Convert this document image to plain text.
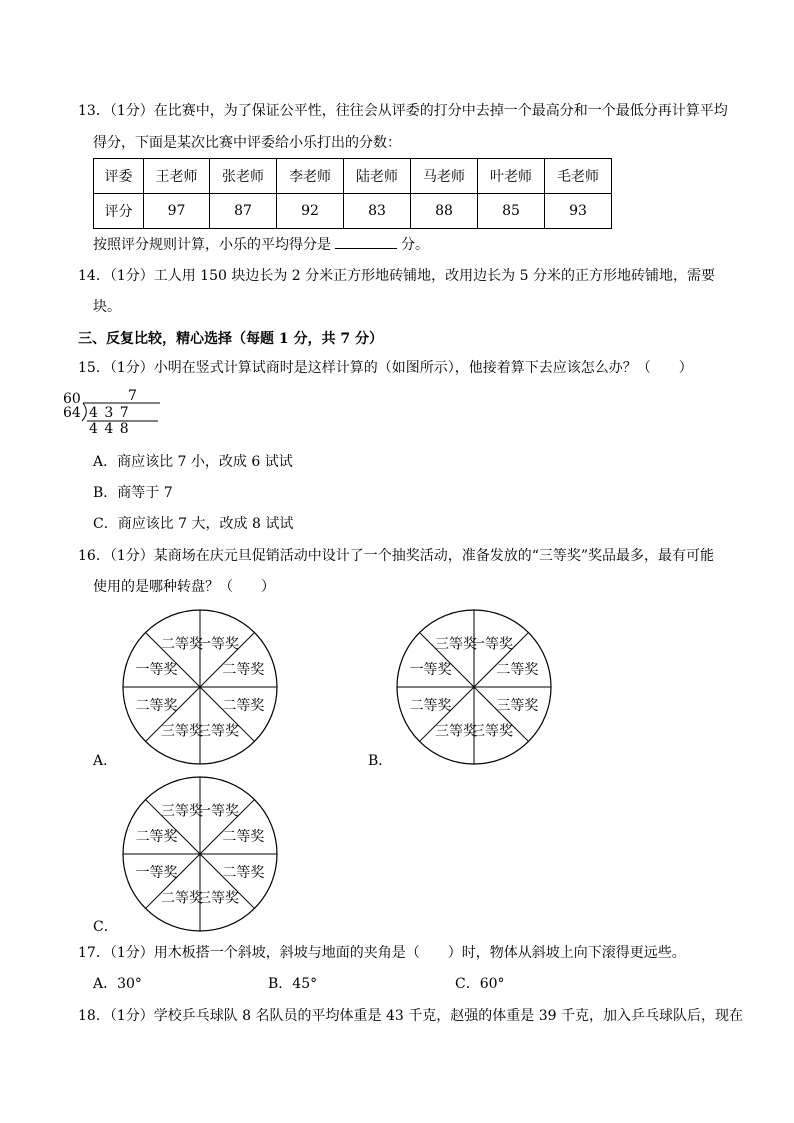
13．（1分）在比赛中，为了保证公平性，往往会从评委的打分中去掉一个最高分和一个最低分再计算平均
得分，下面是某次比赛中评委给小乐打出的分数：
评委	王老师	张老师	李老师	陆老师	马老师	叶老师	毛老师
评分	97	87	92	83	88	85	93
按照评分规则计算，小乐的平均得分是	分。
14．（1分）工人用 150 块边长为 2 分米正方形地砖铺地，改用边长为 5 分米的正方形地砖铺地，需要
块。
三、反复比较，精心选择（每题 1 分，共 7 分）
15．（1分）小明在竖式计算试商时是这样计算的（如图所示），他接着算下去应该怎么办？（　　）
60	7
64 4 3 7
4 4 8
A．商应该比 7 小，改成 6 试试
B．商等于 7
C．商应该比 7 大，改成 8 试试
16．（1分）某商场在庆元旦促销活动中设计了一个抽奖活动，准备发放的“三等奖”奖品最多，最有可能
使用的是哪种转盘？（　　）
一等奖
二等奖
二等奖
三等奖
三等奖
二等奖
一等奖
二等奖
A．
一等奖
二等奖
三等奖
三等奖
三等奖
二等奖
一等奖
三等奖
B．
一等奖
二等奖
二等奖
三等奖
二等奖
一等奖
二等奖
三等奖
C．
17．（1分）用木板搭一个斜坡，斜坡与地面的夹角是（　　）时，物体从斜坡上向下滚得更远些。
A．30°	B．45°	C．60°
18．（1分）学校乒乓球队 8 名队员的平均体重是 43 千克，赵强的体重是 39 千克，加入乒乓球队后，现在
